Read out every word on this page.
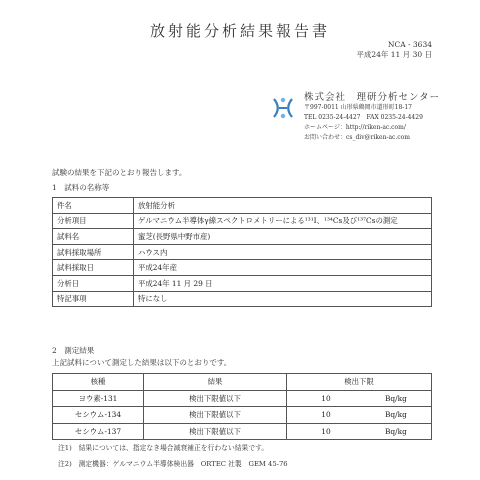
放射能分析結果報告書
NCA - 3634
平成24年 11 月 30 日
株式会社　理研分析センター
〒997-0011 山形県鶴岡市道形町18-17
TEL 0235-24-4427　FAX 0235-24-4429
ホームページ：http://riken-ac.com/
お問い合わせ：cs_div@riken-ac.com
試験の結果を下記のとおり報告します。
1　試料の名称等
件名	放射能分析
分析項目	ゲルマニウム半導体γ線スペクトロメトリーによる¹³¹I、¹³⁴Cs及び¹³⁷Csの測定
試料名	蜜芝(長野県中野市産)
試料採取場所	ハウス内
試料採取日	平成24年産
分析日	平成24年 11 月 29 日
特記事項	特になし
2　測定結果
上記試料について測定した結果は以下のとおりです。
核種	結果	検出下限	
ヨウ素-131	検出下限値以下	10	Bq/kg
セシウム-134	検出下限値以下	10	Bq/kg
セシウム-137	検出下限値以下	10	Bq/kg
注1)　結果については、指定なき場合減衰補正を行わない結果です。
注2)　測定機器：ゲルマニウム半導体検出器　ORTEC 社製　GEM 45-76
